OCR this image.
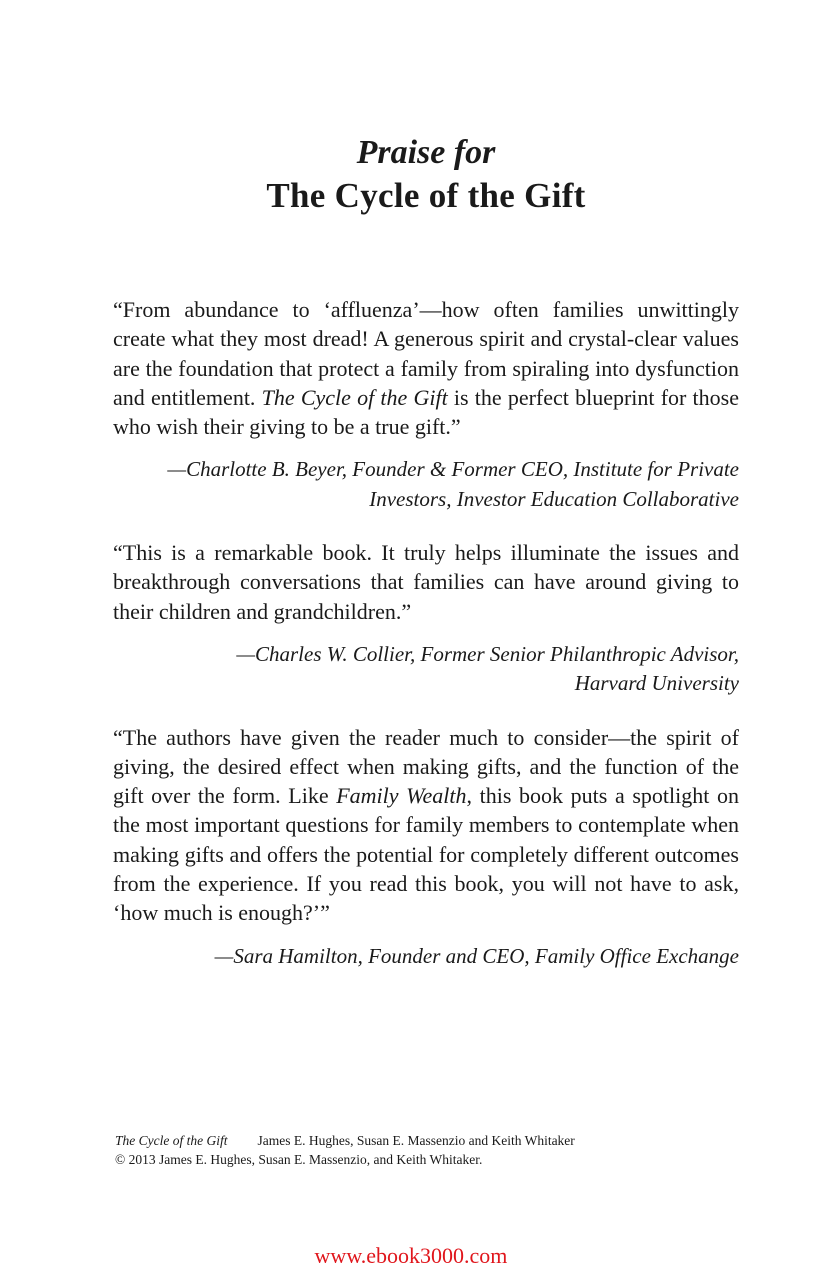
Praise for
The Cycle of the Gift

“From abundance to ‘affluenza’—how often families unwittingly create what they most dread! A generous spirit and crystal-clear values are the foundation that protect a family from spiraling into dysfunction and entitlement. The Cycle of the Gift is the perfect blueprint for those who wish their giving to be a true gift.”

—Charlotte B. Beyer, Founder & Former CEO, Institute for Private
Investors, Investor Education Collaborative

“This is a remarkable book. It truly helps illuminate the issues and breakthrough conversations that families can have around giving to their children and grandchildren.”

—Charles W. Collier, Former Senior Philanthropic Advisor,
Harvard University

“The authors have given the reader much to consider—the spirit of giving, the desired effect when making gifts, and the function of the gift over the form. Like Family Wealth, this book puts a spotlight on the most important questions for family members to contemplate when making gifts and offers the potential for completely different outcomes from the experience. If you read this book, you will not have to ask, ‘how much is enough?’”

—Sara Hamilton, Founder and CEO, Family Office Exchange

The Cycle of the Gift James E. Hughes, Susan E. Massenzio and Keith Whitaker
© 2013 James E. Hughes, Susan E. Massenzio, and Keith Whitaker.
www.ebook3000.com
